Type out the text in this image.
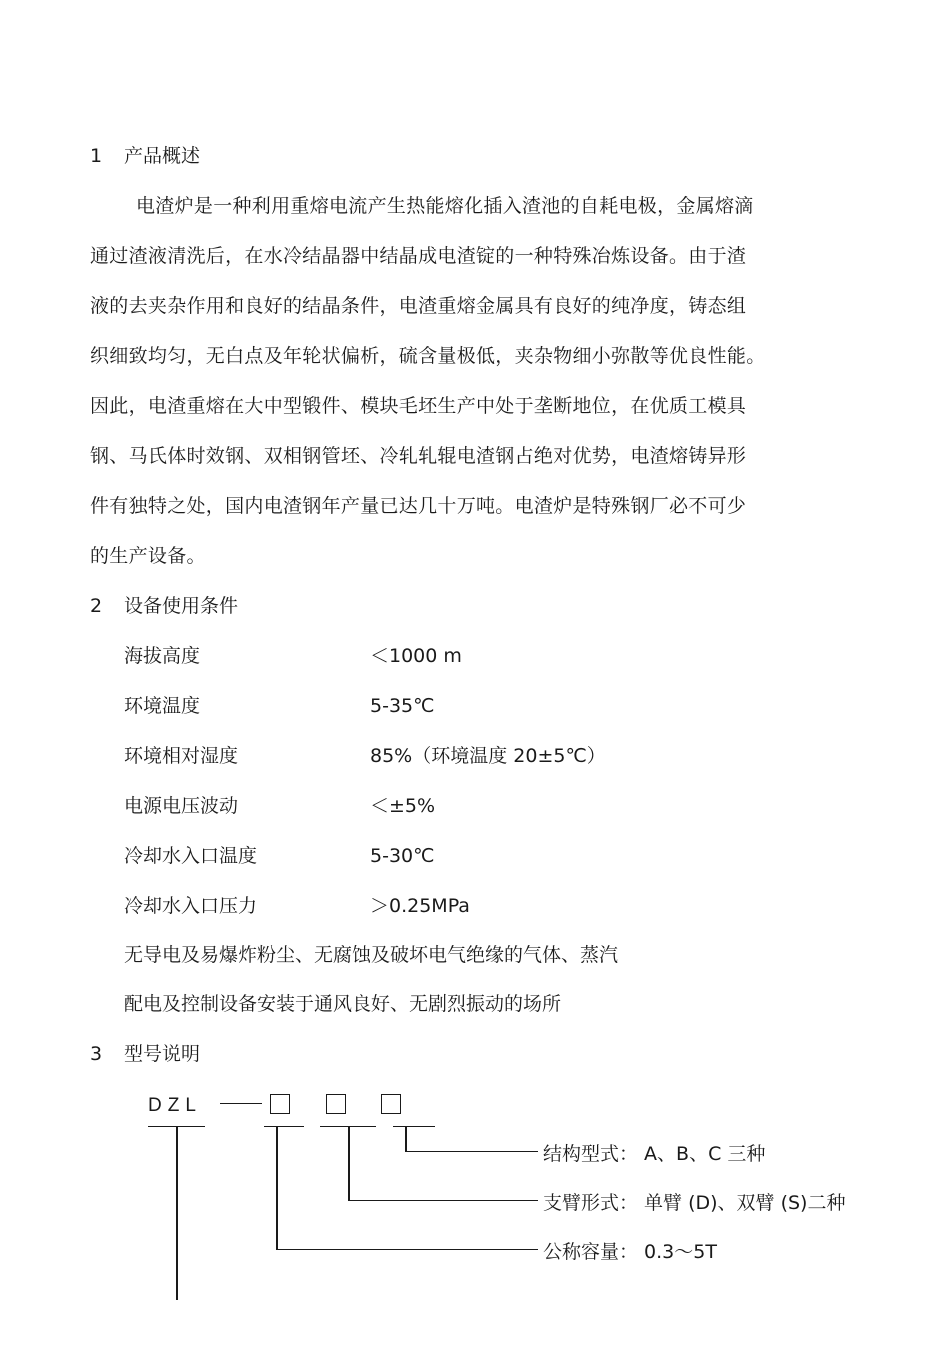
1 产品概述
电渣炉是一种利用重熔电流产生热能熔化插入渣池的自耗电极，金属熔滴
通过渣液清洗后，在水冷结晶器中结晶成电渣锭的一种特殊冶炼设备。由于渣
液的去夹杂作用和良好的结晶条件，电渣重熔金属具有良好的纯净度，铸态组
织细致均匀，无白点及年轮状偏析，硫含量极低，夹杂物细小弥散等优良性能。
因此，电渣重熔在大中型锻件、模块毛坯生产中处于垄断地位，在优质工模具
钢、马氏体时效钢、双相钢管坯、冷轧轧辊电渣钢占绝对优势，电渣熔铸异形
件有独特之处，国内电渣钢年产量已达几十万吨。电渣炉是特殊钢厂必不可少
的生产设备。
2 设备使用条件
海拔高度	＜1000 m
环境温度	5-35℃
环境相对湿度	85%（环境温度 20±5℃）
电源电压波动	＜±5%
冷却水入口温度	5-30℃
冷却水入口压力	＞0.25MPa
无导电及易爆炸粉尘、无腐蚀及破坏电气绝缘的气体、蒸汽
配电及控制设备安装于通风良好、无剧烈振动的场所
3 型号说明
DZL
结构型式： A、B、C 三种
支臂形式： 单臂 (D)、双臂 (S)二种
公称容量： 0.3～5T
